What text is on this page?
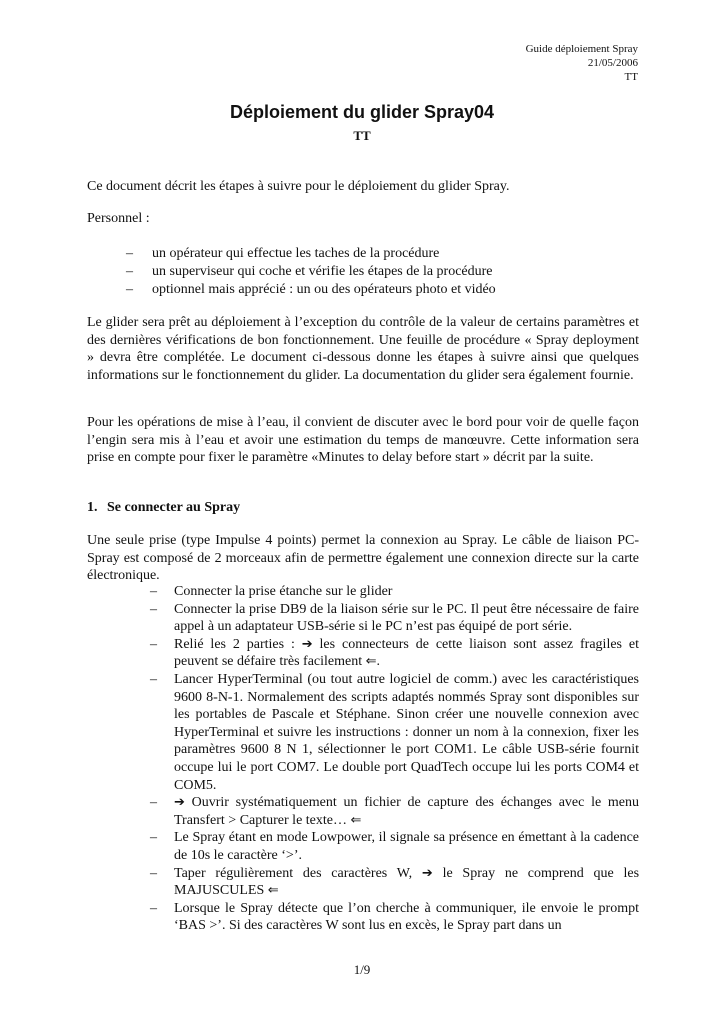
Guide déploiement Spray
21/05/2006
TT
Déploiement du glider Spray04
TT

Ce document décrit les étapes à suivre pour le déploiement du glider Spray.

Personnel :

– un opérateur qui effectue les taches de la procédure
– un superviseur qui coche et vérifie les étapes de la procédure
– optionnel mais apprécié : un ou des opérateurs photo et vidéo

Le glider sera prêt au déploiement à l’exception du contrôle de la valeur de certains paramètres et des dernières vérifications de bon fonctionnement. Une feuille de procédure « Spray deployment » devra être complétée. Le document ci-dessous donne les étapes à suivre ainsi que quelques informations sur le fonctionnement du glider. La documentation du glider sera également fournie.

Pour les opérations de mise à l’eau, il convient de discuter avec le bord pour voir de quelle façon l’engin sera mis à l’eau et avoir une estimation du temps de manœuvre. Cette information sera prise en compte pour fixer le paramètre «Minutes to delay before start » décrit par la suite.

1. Se connecter au Spray

Une seule prise (type Impulse 4 points) permet la connexion au Spray. Le câble de liaison PC-Spray est composé de 2 morceaux afin de permettre également une connexion directe sur la carte électronique.

– Connecter la prise étanche sur le glider
– Connecter la prise DB9 de la liaison série sur le PC. Il peut être nécessaire de faire appel à un adaptateur USB-série si le PC n’est pas équipé de port série.
– Relié les 2 parties : ➔ les connecteurs de cette liaison sont assez fragiles et peuvent se défaire très facilement ⇐.
– Lancer HyperTerminal (ou tout autre logiciel de comm.) avec les caractéristiques 9600 8-N-1. Normalement des scripts adaptés nommés Spray sont disponibles sur les portables de Pascale et Stéphane. Sinon créer une nouvelle connexion avec HyperTerminal et suivre les instructions : donner un nom à la connexion, fixer les paramètres 9600 8 N 1, sélectionner le port COM1. Le câble USB-série fournit occupe lui le port COM7. Le double port QuadTech occupe lui les ports COM4 et COM5.
– ➔ Ouvrir systématiquement un fichier de capture des échanges avec le menu Transfert > Capturer le texte… ⇐
– Le Spray étant en mode Lowpower, il signale sa présence en émettant à la cadence de 10s le caractère ‘>’.
– Taper régulièrement des caractères W, ➔ le Spray ne comprend que les MAJUSCULES ⇐
– Lorsque le Spray détecte que l’on cherche à communiquer, ile envoie le prompt ‘BAS >’. Si des caractères W sont lus en excès, le Spray part dans un
1/9
